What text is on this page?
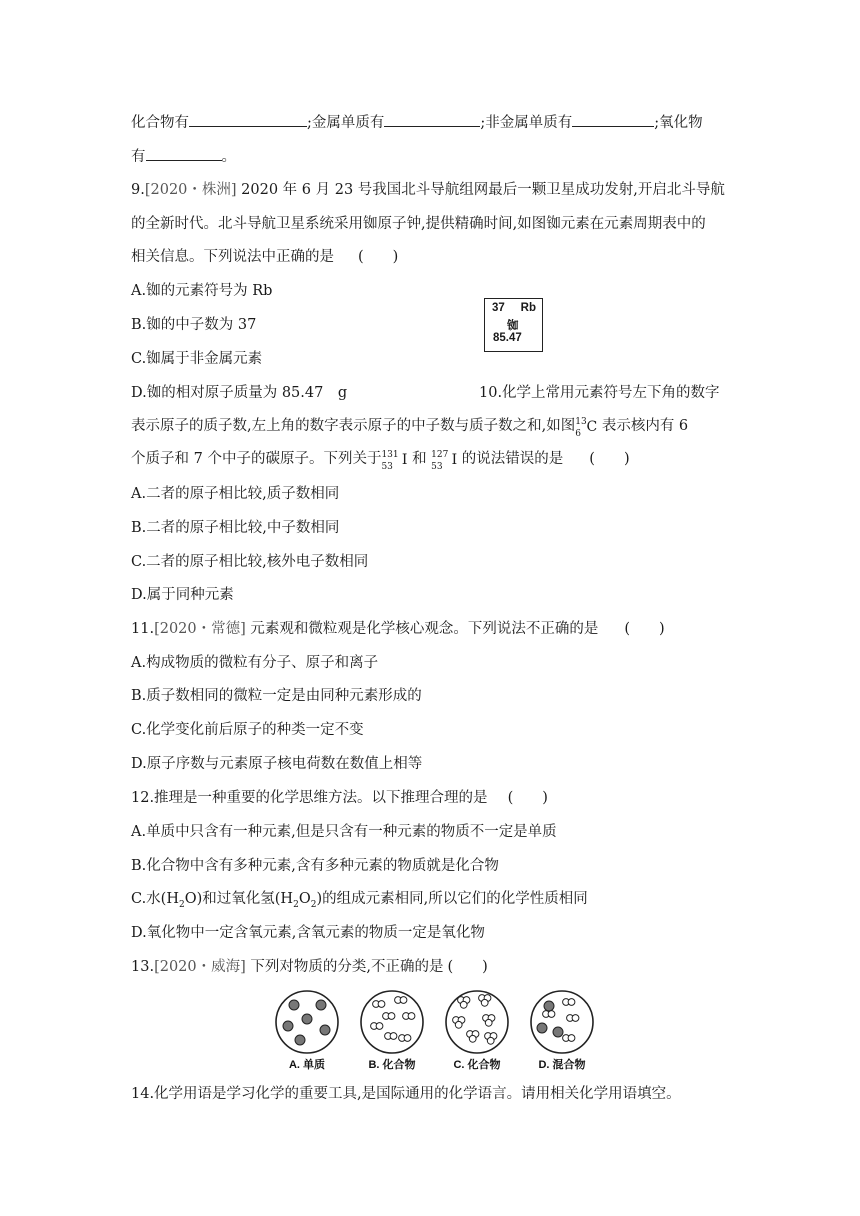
化合物有	;金属单质有	;非金属单质有	;氧化物
有	。
9.[2020・株洲] 2020 年 6 月 23 号我国北斗导航组网最后一颗卫星成功发射,开启北斗导航
的全新时代。北斗导航卫星系统采用铷原子钟,提供精确时间,如图铷元素在元素周期表中的
相关信息。下列说法中正确的是 (　　)
A.铷的元素符号为 Rb
B.铷的中子数为 37
C.铷属于非金属元素
D.铷的相对原子质量为 85.47　g
37 Rb
铷
85.47
10.化学上常用元素符号左下角的数字
表示原子的质子数,左上角的数字表示原子的中子数与质子数之和,如图 13
6 C 表示核内有 6
个质子和 7 个中子的碳原子。下列关于 131
53 I 和 127
53 I 的说法错误的是 (　　)
A.二者的原子相比较,质子数相同
B.二者的原子相比较,中子数相同
C.二者的原子相比较,核外电子数相同
D.属于同种元素
11.[2020・常德] 元素观和微粒观是化学核心观念。下列说法不正确的是 (　　)
A.构成物质的微粒有分子、原子和离子
B.质子数相同的微粒一定是由同种元素形成的
C.化学变化前后原子的种类一定不变
D.原子序数与元素原子核电荷数在数值上相等
12.推理是一种重要的化学思维方法。以下推理合理的是 (　　)
A.单质中只含有一种元素,但是只含有一种元素的物质不一定是单质
B.化合物中含有多种元素,含有多种元素的物质就是化合物
C.水$(H_2O)$和过氧化氢$(H_2O_2)$的组成元素相同,所以它们的化学性质相同
D.氧化物中一定含氧元素,含氧元素的物质一定是氧化物
13.[2020・威海] 下列对物质的分类,不正确的是 (　　)
A. 单质	B. 化合物	C. 化合物	D. 混合物
14.化学用语是学习化学的重要工具,是国际通用的化学语言。请用相关化学用语填空。
